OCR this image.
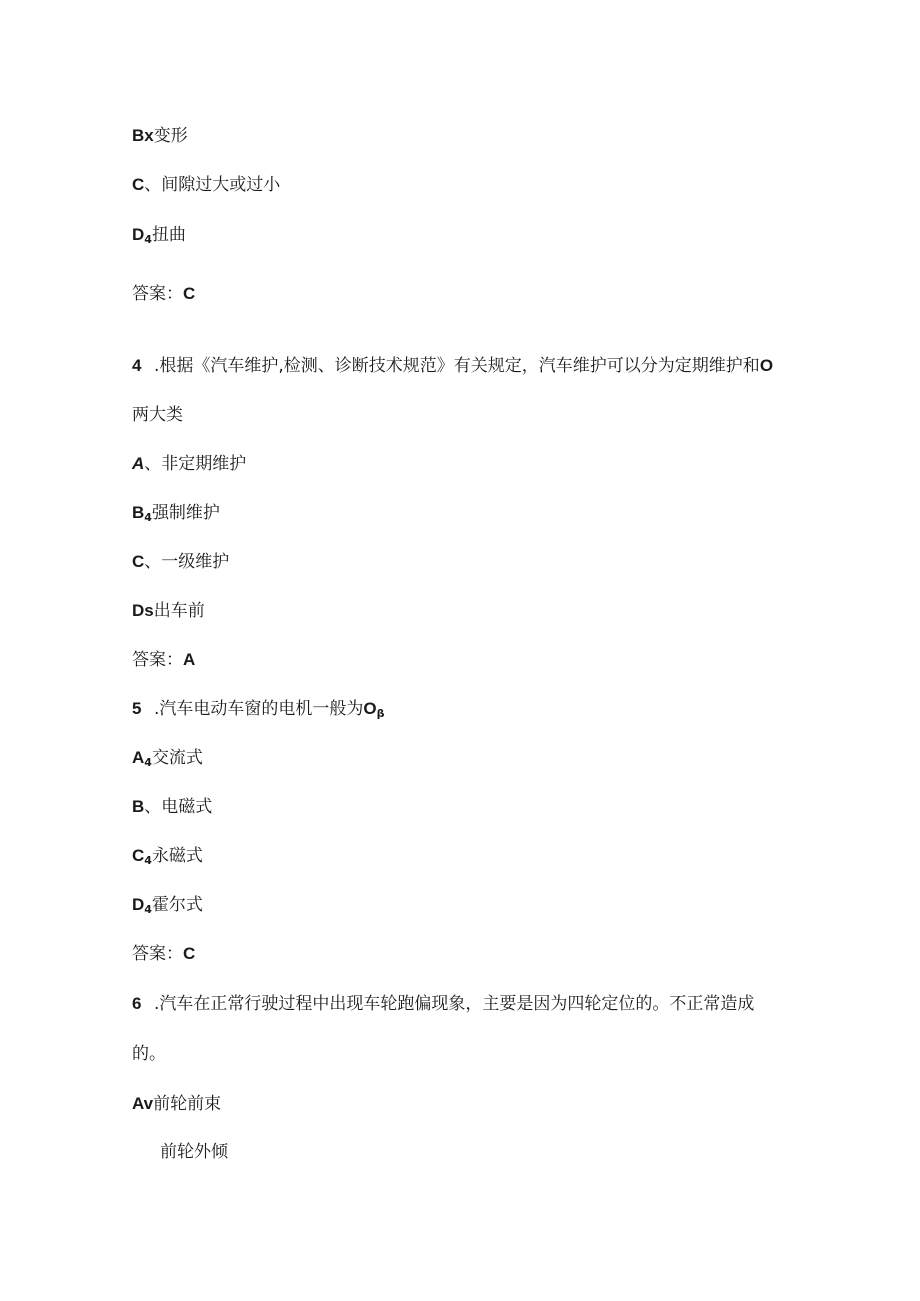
Bx变形
C、间隙过大或过小
$D_4$扭曲
答案：C
4 .根据《汽车维护,检测、诊断技术规范》有关规定，汽车维护可以分为定期维护和O
两大类
A、非定期维护
$B_4$强制维护
C、一级维护
Ds出车前
答案：A
5 .汽车电动车窗的电机一般为$O_\beta$
$A_4$交流式
B、电磁式
$C_4$永磁式
$D_4$霍尔式
答案：C
6 .汽车在正常行驶过程中出现车轮跑偏现象，主要是因为四轮定位的。不正常造成
的。
Av前轮前束
前轮外倾
